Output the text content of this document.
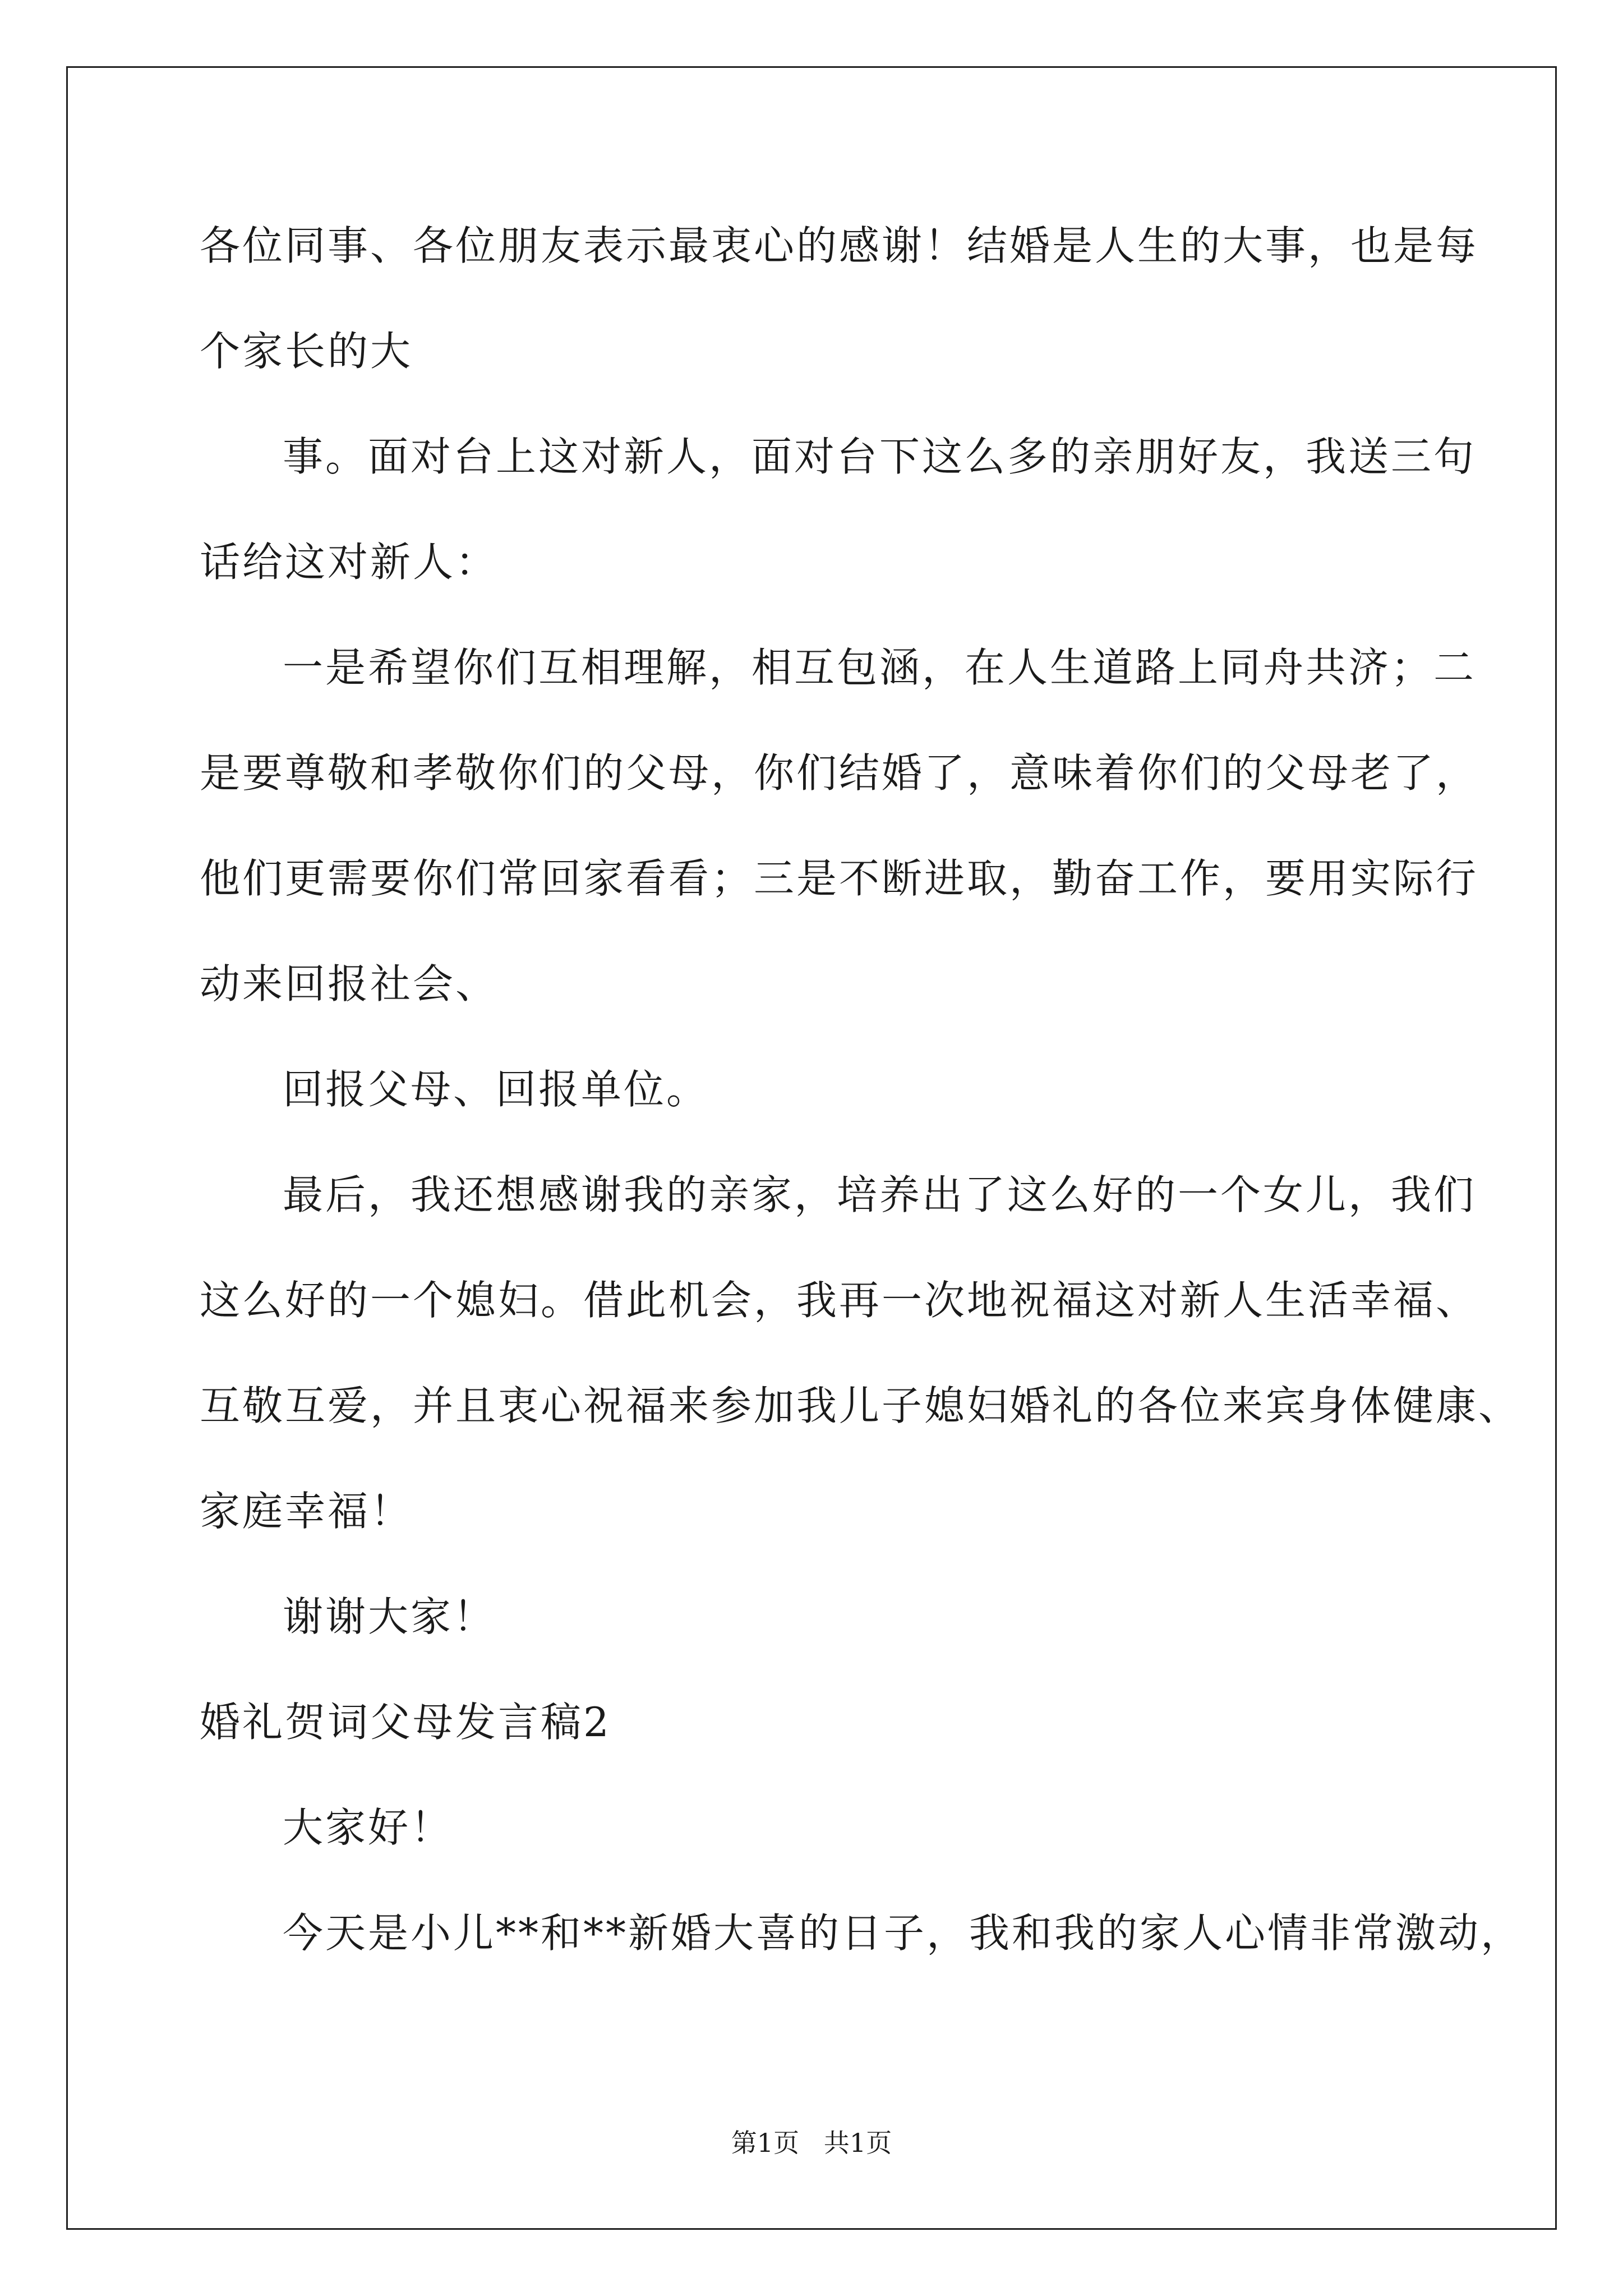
各位同事、各位朋友表示最衷心的感谢！结婚是人生的大事，也是每
个家长的大
事。面对台上这对新人，面对台下这么多的亲朋好友，我送三句
话给这对新人：
一是希望你们互相理解，相互包涵，在人生道路上同舟共济；二
是要尊敬和孝敬你们的父母，你们结婚了，意味着你们的父母老了，
他们更需要你们常回家看看；三是不断进取，勤奋工作，要用实际行
动来回报社会、
回报父母、回报单位。
最后，我还想感谢我的亲家，培养出了这么好的一个女儿，我们
这么好的一个媳妇。借此机会，我再一次地祝福这对新人生活幸福、
互敬互爱，并且衷心祝福来参加我儿子媳妇婚礼的各位来宾身体健康、
家庭幸福！
谢谢大家！
婚礼贺词父母发言稿2
大家好！
今天是小儿**和**新婚大喜的日子，我和我的家人心情非常激动，
第1页   共1页
